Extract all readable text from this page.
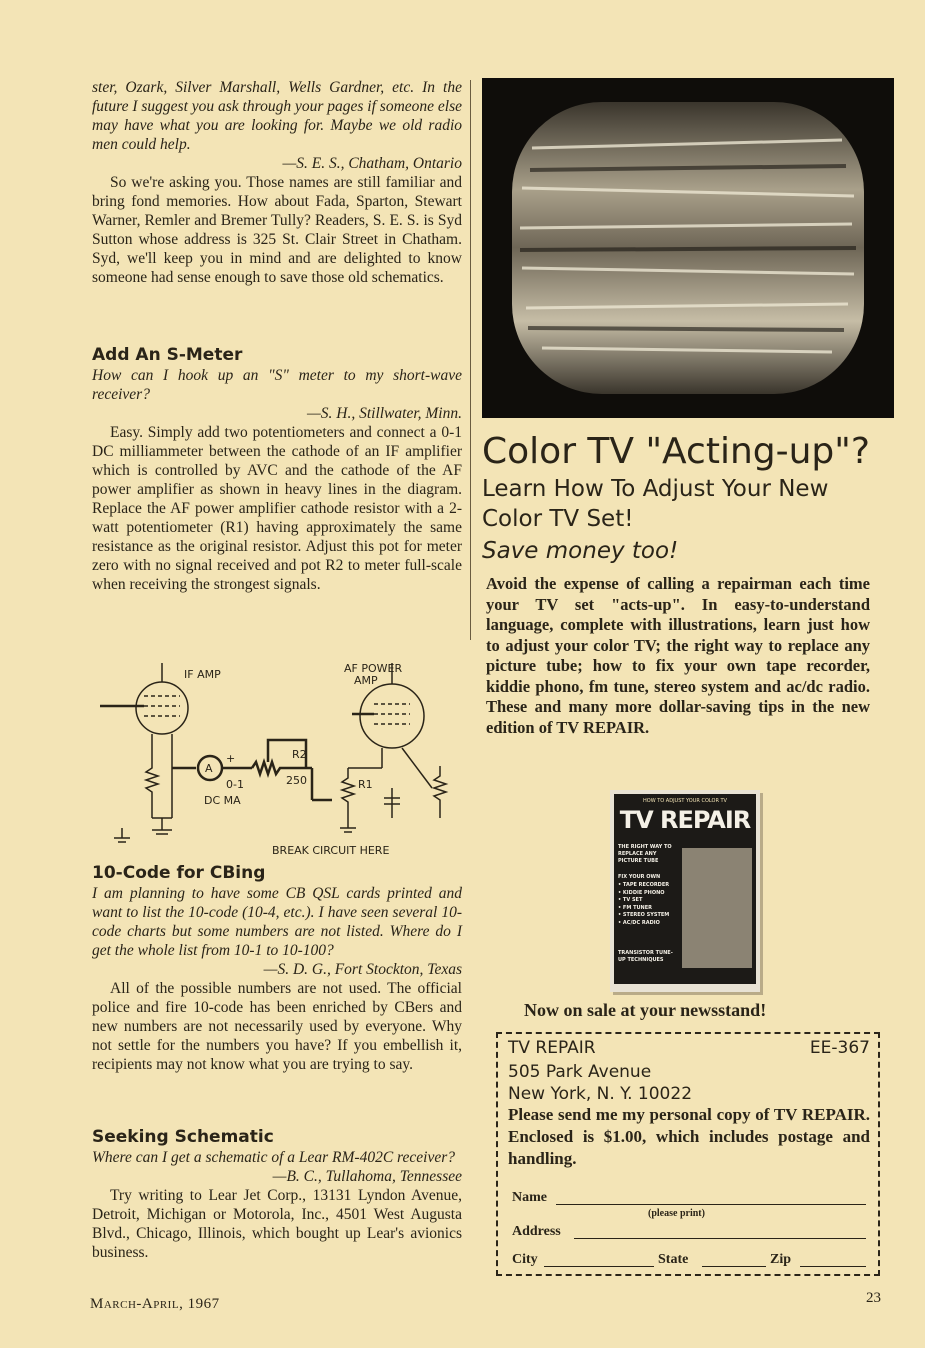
ster, Ozark, Silver Marshall, Wells Gardner, etc. In the future I suggest you ask through your pages if someone else may have what you are looking for. Maybe we old radio men could help.

—S. E. S., Chatham, Ontario

So we're asking you. Those names are still familiar and bring fond memories. How about Fada, Sparton, Stewart Warner, Remler and Bremer Tully? Readers, S. E. S. is Syd Sutton whose address is 325 St. Clair Street in Chatham. Syd, we'll keep you in mind and are delighted to know someone had sense enough to save those old schematics.

Add An S-Meter

How can I hook up an "S" meter to my short-wave receiver?

—S. H., Stillwater, Minn.

Easy. Simply add two potentiometers and connect a 0-1 DC milliammeter between the cathode of an IF amplifier which is controlled by AVC and the cathode of the AF power amplifier as shown in heavy lines in the diagram. Replace the AF power amplifier cathode resistor with a 2-watt potentiometer (R1) having approximately the same resistance as the original resistor. Adjust this pot for meter zero with no signal received and pot R2 to meter full-scale when receiving the strongest signals.

IF AMP	AF POWER
AMP
A
+
0-1
DC MA
R2
250	R1
BREAK CIRCUIT HERE
10-Code for CBing

I am planning to have some CB QSL cards printed and want to list the 10-code (10-4, etc.). I have seen several 10-code charts but some numbers are not listed. Where do I get the whole list from 10-1 to 10-100?

—S. D. G., Fort Stockton, Texas

All of the possible numbers are not used. The official police and fire 10-code has been enriched by CBers and new numbers are not necessarily used by everyone. Why not settle for the numbers you have? If you embellish it, recipients may not know what you are trying to say.

Seeking Schematic

Where can I get a schematic of a Lear RM-402C receiver?

—B. C., Tullahoma, Tennessee

Try writing to Lear Jet Corp., 13131 Lyndon Avenue, Detroit, Michigan or Motorola, Inc., 4501 West Augusta Blvd., Chicago, Illinois, which bought up Lear's avionics business.

Color TV "Acting-up"?
Learn How To Adjust Your New Color TV Set!
Save money too!

Avoid the expense of calling a repairman each time your TV set "acts-up". In easy-to-understand language, complete with illustrations, learn just how to adjust your color TV; the right way to replace any picture tube; how to fix your own tape recorder, kiddie phono, fm tune, stereo system and ac/dc radio. These and many more dollar-saving tips in the new edition of TV REPAIR.

HOW TO ADJUST YOUR COLOR TV
TV REPAIR
THE RIGHT WAY TO REPLACE ANY PICTURE TUBE
FIX YOUR OWN
• TAPE RECORDER
• KIDDIE PHONO
• TV SET
• FM TUNER
• STEREO SYSTEM
• AC/DC RADIO
TRANSISTOR TUNE-UP TECHNIQUES
Now on sale at your newsstand!
TV REPAIR	EE-367
505 Park Avenue
New York, N. Y. 10022

Please send me my personal copy of TV REPAIR. Enclosed is $1.00, which includes postage and handling.

Name
(please print)
Address
City	State	Zip
March-April, 1967	23
